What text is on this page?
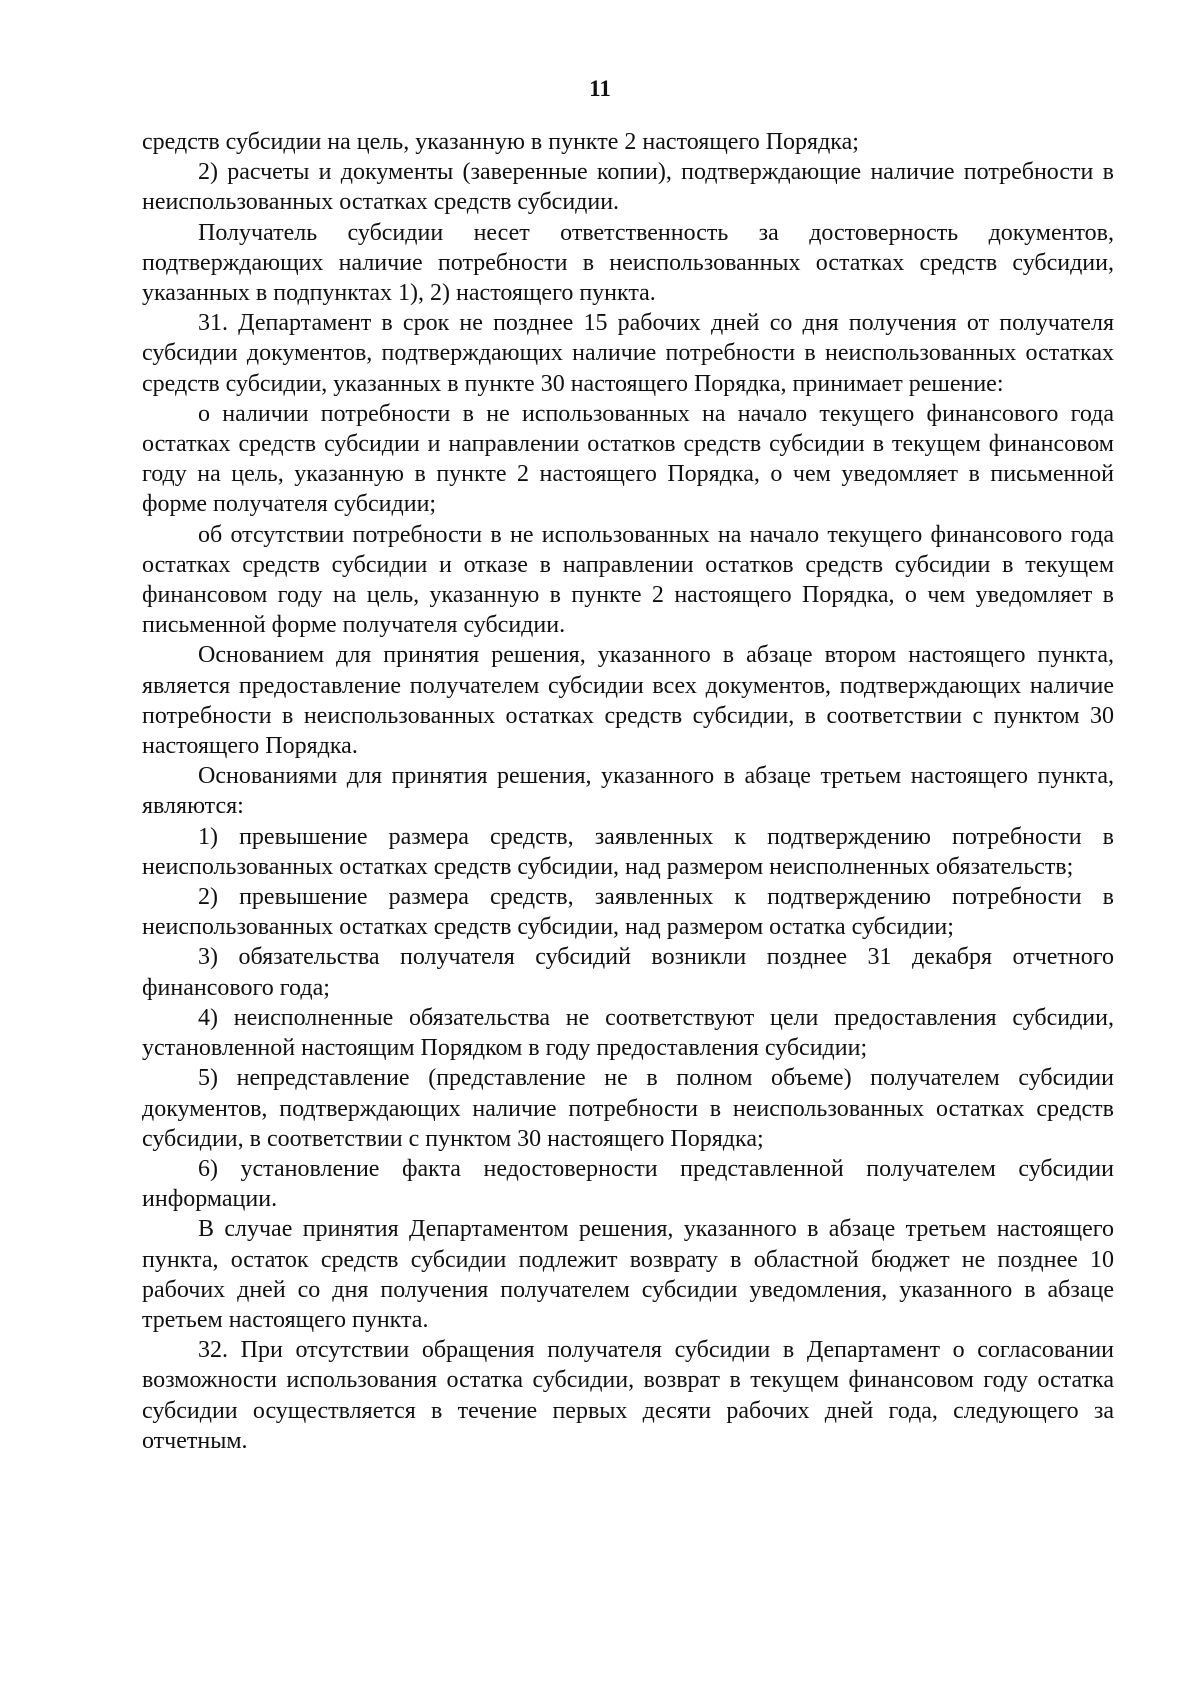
11

средств субсидии на цель, указанную в пункте 2 настоящего Порядка;

2) расчеты и документы (заверенные копии), подтверждающие наличие потребности в неиспользованных остатках средств субсидии.

Получатель субсидии несет ответственность за достоверность документов, подтверждающих наличие потребности в неиспользованных остатках средств субсидии, указанных в подпунктах 1), 2) настоящего пункта.

31. Департамент в срок не позднее 15 рабочих дней со дня получения от получателя субсидии документов, подтверждающих наличие потребности в неиспользованных остатках средств субсидии, указанных в пункте 30 настоящего Порядка, принимает решение:

о наличии потребности в не использованных на начало текущего финансового года остатках средств субсидии и направлении остатков средств субсидии в текущем финансовом году на цель, указанную в пункте 2 настоящего Порядка, о чем уведомляет в письменной форме получателя субсидии;

об отсутствии потребности в не использованных на начало текущего финансового года остатках средств субсидии и отказе в направлении остатков средств субсидии в текущем финансовом году на цель, указанную в пункте 2 настоящего Порядка, о чем уведомляет в письменной форме получателя субсидии.

Основанием для принятия решения, указанного в абзаце втором настоящего пункта, является предоставление получателем субсидии всех документов, подтверждающих наличие потребности в неиспользованных остатках средств субсидии, в соответствии с пунктом 30 настоящего Порядка.

Основаниями для принятия решения, указанного в абзаце третьем настоящего пункта, являются:

1) превышение размера средств, заявленных к подтверждению потребности в неиспользованных остатках средств субсидии, над размером неисполненных обязательств;

2) превышение размера средств, заявленных к подтверждению потребности в неиспользованных остатках средств субсидии, над размером остатка субсидии;

3) обязательства получателя субсидий возникли позднее 31 декабря отчетного финансового года;

4) неисполненные обязательства не соответствуют цели предоставления субсидии, установленной настоящим Порядком в году предоставления субсидии;

5) непредставление (представление не в полном объеме) получателем субсидии документов, подтверждающих наличие потребности в неиспользованных остатках средств субсидии, в соответствии с пунктом 30 настоящего Порядка;

6) установление факта недостоверности представленной получателем субсидии информации.

В случае принятия Департаментом решения, указанного в абзаце третьем настоящего пункта, остаток средств субсидии подлежит возврату в областной бюджет не позднее 10 рабочих дней со дня получения получателем субсидии уведомления, указанного в абзаце третьем настоящего пункта.

32. При отсутствии обращения получателя субсидии в Департамент о согласовании возможности использования остатка субсидии, возврат в текущем финансовом году остатка субсидии осуществляется в течение первых десяти рабочих дней года, следующего за отчетным.
